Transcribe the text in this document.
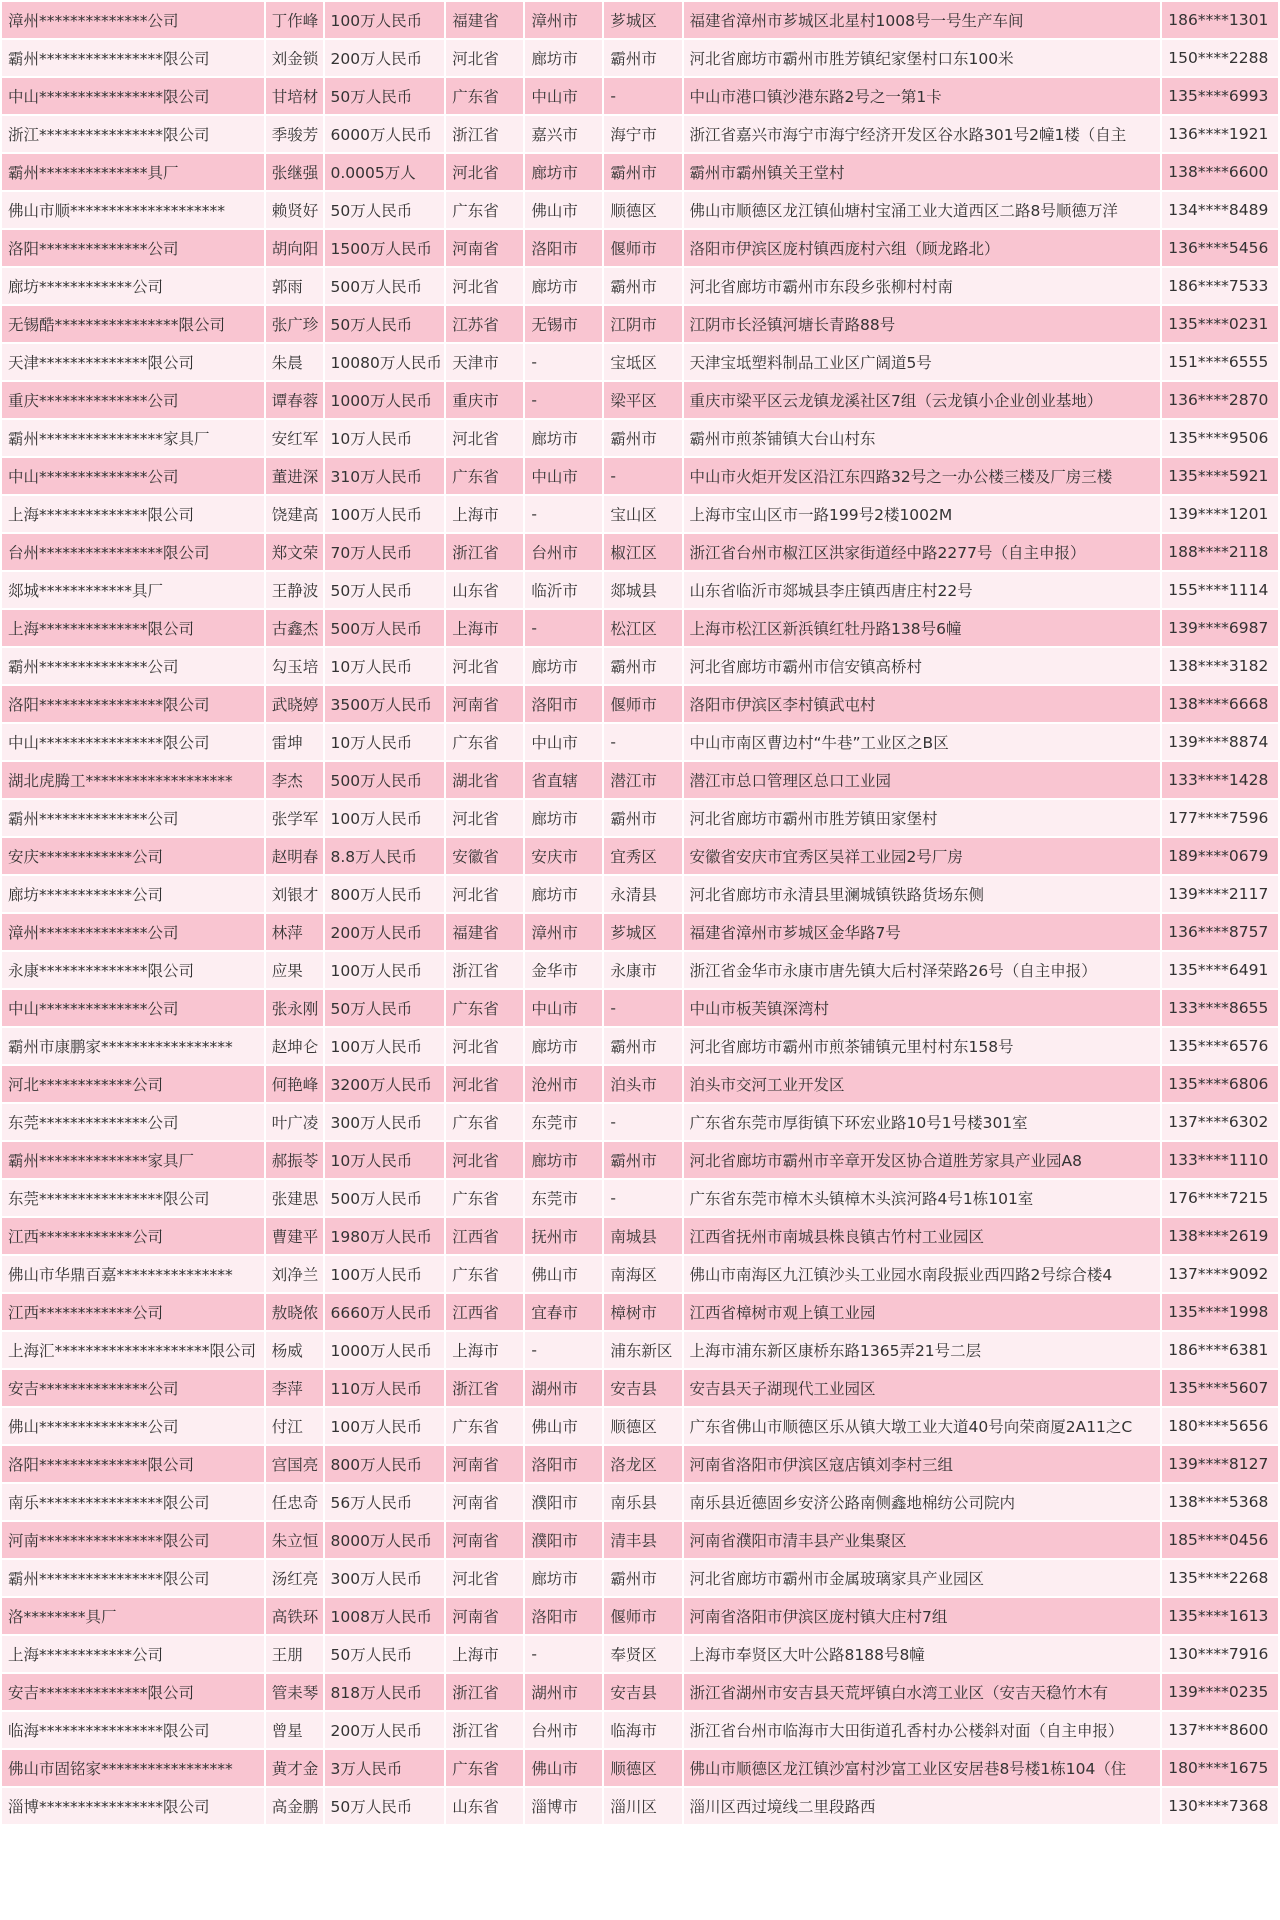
漳州**************公司	丁作峰	100万人民币	福建省	漳州市	芗城区	福建省漳州市芗城区北星村1008号一号生产车间	186****1301
霸州****************限公司	刘金锁	200万人民币	河北省	廊坊市	霸州市	河北省廊坊市霸州市胜芳镇纪家堡村口东100米	150****2288
中山****************限公司	甘培材	50万人民币	广东省	中山市	-	中山市港口镇沙港东路2号之一第1卡	135****6993
浙江****************限公司	季骏芳	6000万人民币	浙江省	嘉兴市	海宁市	浙江省嘉兴市海宁市海宁经济开发区谷水路301号2幢1楼（自主	136****1921
霸州**************具厂	张继强	0.0005万人	河北省	廊坊市	霸州市	霸州市霸州镇关王堂村	138****6600
佛山市顺********************	赖贤好	50万人民币	广东省	佛山市	顺德区	佛山市顺德区龙江镇仙塘村宝涌工业大道西区二路8号顺德万洋	134****8489
洛阳**************公司	胡向阳	1500万人民币	河南省	洛阳市	偃师市	洛阳市伊滨区庞村镇西庞村六组（顾龙路北）	136****5456
廊坊************公司	郭雨	500万人民币	河北省	廊坊市	霸州市	河北省廊坊市霸州市东段乡张柳村村南	186****7533
无锡酷****************限公司	张广珍	50万人民币	江苏省	无锡市	江阴市	江阴市长泾镇河塘长青路88号	135****0231
天津**************限公司	朱晨	10080万人民币	天津市	-	宝坻区	天津宝坻塑料制品工业区广阔道5号	151****6555
重庆**************公司	谭春蓉	1000万人民币	重庆市	-	梁平区	重庆市梁平区云龙镇龙溪社区7组（云龙镇小企业创业基地）	136****2870
霸州****************家具厂	安红军	10万人民币	河北省	廊坊市	霸州市	霸州市煎茶铺镇大台山村东	135****9506
中山**************公司	董进深	310万人民币	广东省	中山市	-	中山市火炬开发区沿江东四路32号之一办公楼三楼及厂房三楼	135****5921
上海**************限公司	饶建高	100万人民币	上海市	-	宝山区	上海市宝山区市一路199号2楼1002M	139****1201
台州****************限公司	郑文荣	70万人民币	浙江省	台州市	椒江区	浙江省台州市椒江区洪家街道经中路2277号（自主申报）	188****2118
郯城************具厂	王静波	50万人民币	山东省	临沂市	郯城县	山东省临沂市郯城县李庄镇西唐庄村22号	155****1114
上海**************限公司	古鑫杰	500万人民币	上海市	-	松江区	上海市松江区新浜镇红牡丹路138号6幢	139****6987
霸州**************公司	勾玉培	10万人民币	河北省	廊坊市	霸州市	河北省廊坊市霸州市信安镇高桥村	138****3182
洛阳****************限公司	武晓婷	3500万人民币	河南省	洛阳市	偃师市	洛阳市伊滨区李村镇武屯村	138****6668
中山****************限公司	雷坤	10万人民币	广东省	中山市	-	中山市南区曹边村“牛巷”工业区之B区	139****8874
湖北虎腾工*******************	李杰	500万人民币	湖北省	省直辖	潜江市	潜江市总口管理区总口工业园	133****1428
霸州**************公司	张学军	100万人民币	河北省	廊坊市	霸州市	河北省廊坊市霸州市胜芳镇田家堡村	177****7596
安庆************公司	赵明春	8.8万人民币	安徽省	安庆市	宜秀区	安徽省安庆市宜秀区吴祥工业园2号厂房	189****0679
廊坊************公司	刘银才	800万人民币	河北省	廊坊市	永清县	河北省廊坊市永清县里澜城镇铁路货场东侧	139****2117
漳州**************公司	林萍	200万人民币	福建省	漳州市	芗城区	福建省漳州市芗城区金华路7号	136****8757
永康**************限公司	应果	100万人民币	浙江省	金华市	永康市	浙江省金华市永康市唐先镇大后村泽荣路26号（自主申报）	135****6491
中山**************公司	张永刚	50万人民币	广东省	中山市	-	中山市板芙镇深湾村	133****8655
霸州市康鹏家*****************	赵坤仑	100万人民币	河北省	廊坊市	霸州市	河北省廊坊市霸州市煎茶铺镇元里村村东158号	135****6576
河北************公司	何艳峰	3200万人民币	河北省	沧州市	泊头市	泊头市交河工业开发区	135****6806
东莞**************公司	叶广凌	300万人民币	广东省	东莞市	-	广东省东莞市厚街镇下环宏业路10号1号楼301室	137****6302
霸州**************家具厂	郝振苓	10万人民币	河北省	廊坊市	霸州市	河北省廊坊市霸州市辛章开发区协合道胜芳家具产业园A8	133****1110
东莞****************限公司	张建思	500万人民币	广东省	东莞市	-	广东省东莞市樟木头镇樟木头滨河路4号1栋101室	176****7215
江西************公司	曹建平	1980万人民币	江西省	抚州市	南城县	江西省抚州市南城县株良镇古竹村工业园区	138****2619
佛山市华鼎百嘉***************	刘净兰	100万人民币	广东省	佛山市	南海区	佛山市南海区九江镇沙头工业园水南段振业西四路2号综合楼4	137****9092
江西************公司	敖晓侬	6660万人民币	江西省	宜春市	樟树市	江西省樟树市观上镇工业园	135****1998
上海汇********************限公司	杨威	1000万人民币	上海市	-	浦东新区	上海市浦东新区康桥东路1365弄21号二层	186****6381
安吉**************公司	李萍	110万人民币	浙江省	湖州市	安吉县	安吉县天子湖现代工业园区	135****5607
佛山**************公司	付江	100万人民币	广东省	佛山市	顺德区	广东省佛山市顺德区乐从镇大墩工业大道40号向荣商厦2A11之C	180****5656
洛阳**************限公司	宫国亮	800万人民币	河南省	洛阳市	洛龙区	河南省洛阳市伊滨区寇店镇刘李村三组	139****8127
南乐****************限公司	任忠奇	56万人民币	河南省	濮阳市	南乐县	南乐县近德固乡安济公路南侧鑫地棉纺公司院内	138****5368
河南****************限公司	朱立恒	8000万人民币	河南省	濮阳市	清丰县	河南省濮阳市清丰县产业集聚区	185****0456
霸州****************限公司	汤红亮	300万人民币	河北省	廊坊市	霸州市	河北省廊坊市霸州市金属玻璃家具产业园区	135****2268
洛********具厂	高铁环	1008万人民币	河南省	洛阳市	偃师市	河南省洛阳市伊滨区庞村镇大庄村7组	135****1613
上海************公司	王朋	50万人民币	上海市	-	奉贤区	上海市奉贤区大叶公路8188号8幢	130****7916
安吉**************限公司	管耒琴	818万人民币	浙江省	湖州市	安吉县	浙江省湖州市安吉县天荒坪镇白水湾工业区（安吉天稳竹木有	139****0235
临海****************限公司	曾星	200万人民币	浙江省	台州市	临海市	浙江省台州市临海市大田街道孔香村办公楼斜对面（自主申报）	137****8600
佛山市固铭家*****************	黄才金	3万人民币	广东省	佛山市	顺德区	佛山市顺德区龙江镇沙富村沙富工业区安居巷8号楼1栋104（住	180****1675
淄博****************限公司	高金鹏	50万人民币	山东省	淄博市	淄川区	淄川区西过境线二里段路西	130****7368
